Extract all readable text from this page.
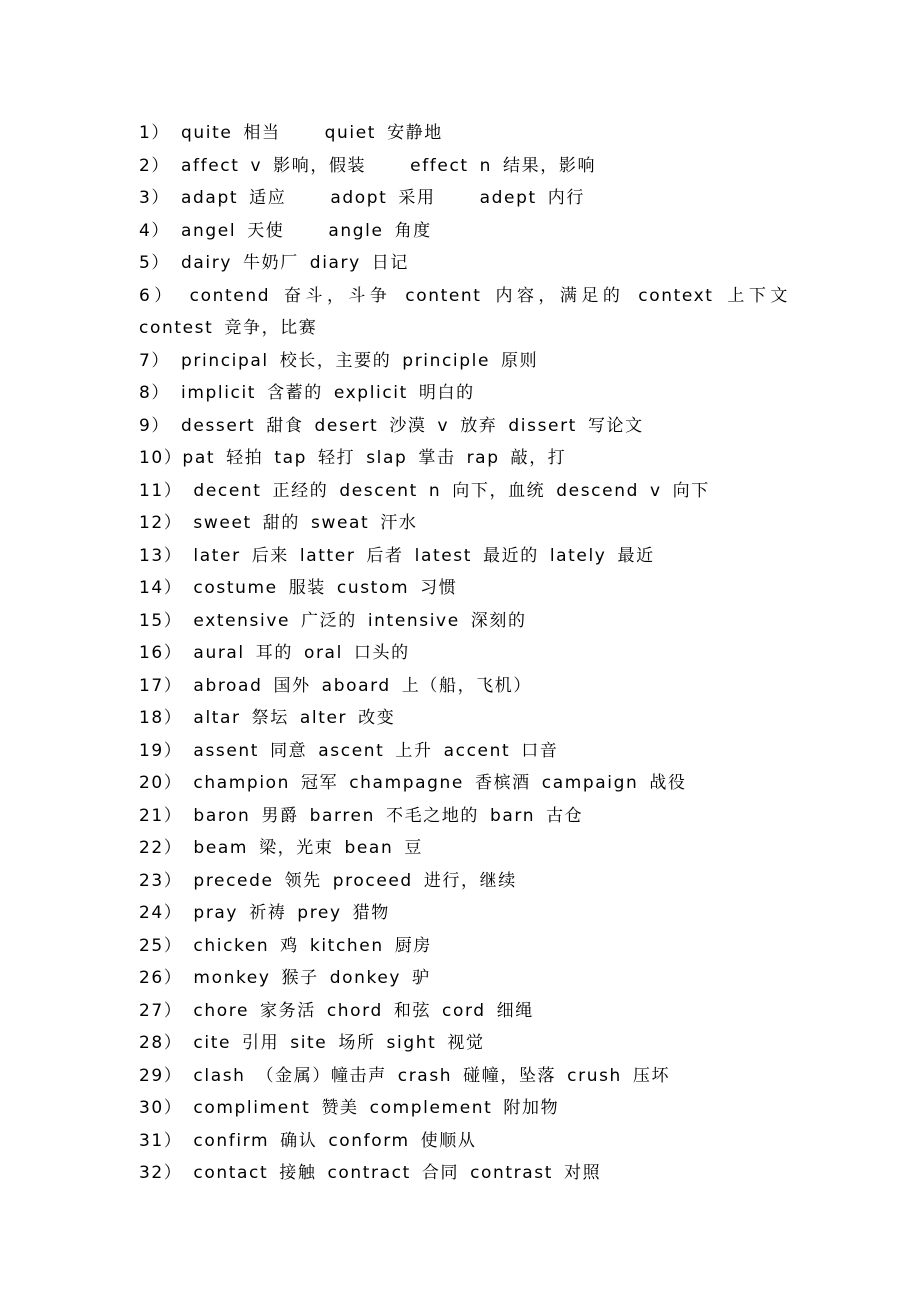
1） quite 相当    quiet 安静地
2） affect v 影响，假装    effect n 结果，影响
3） adapt 适应    adopt 采用    adept 内行
4） angel 天使    angle 角度
5） dairy 牛奶厂 diary 日记
6） contend 奋斗，斗争 content 内容，满足的 context 上下文 contest 竞争，比赛
7） principal 校长，主要的 principle 原则
8） implicit 含蓄的 explicit 明白的
9） dessert 甜食 desert 沙漠 v 放弃 dissert 写论文
10）pat 轻拍 tap 轻打 slap 掌击 rap 敲，打
11） decent 正经的 descent n 向下，血统 descend v 向下
12） sweet 甜的 sweat 汗水
13） later 后来 latter 后者 latest 最近的 lately 最近
14） costume 服装 custom 习惯
15） extensive 广泛的 intensive 深刻的
16） aural 耳的 oral 口头的
17） abroad 国外 aboard 上（船，飞机）
18） altar 祭坛 alter 改变
19） assent 同意 ascent 上升 accent 口音
20） champion 冠军 champagne 香槟酒 campaign 战役
21） baron 男爵 barren 不毛之地的 barn 古仓
22） beam 梁，光束 bean 豆
23） precede 领先 proceed 进行，继续
24） pray 祈祷 prey 猎物
25） chicken 鸡 kitchen 厨房
26） monkey 猴子 donkey 驴
27） chore 家务活 chord 和弦 cord 细绳
28） cite 引用 site 场所 sight 视觉
29） clash （金属）幢击声 crash 碰幢，坠落 crush 压坏
30） compliment 赞美 complement 附加物
31） confirm 确认 conform 使顺从
32） contact 接触 contract 合同 contrast 对照
